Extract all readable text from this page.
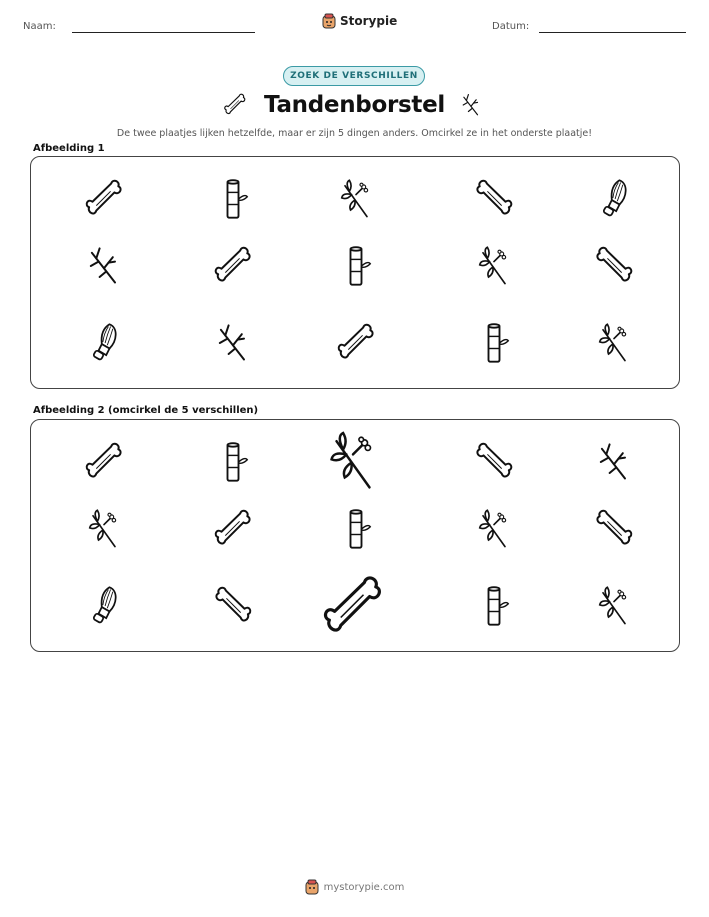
Naam:	Storypie	Datum:
ZOEK DE VERSCHILLEN
Tandenborstel
De twee plaatjes lijken hetzelfde, maar er zijn 5 dingen anders. Omcirkel ze in het onderste plaatje!
Afbeelding 1
Afbeelding 2 (omcirkel de 5 verschillen)
mystorypie.com
